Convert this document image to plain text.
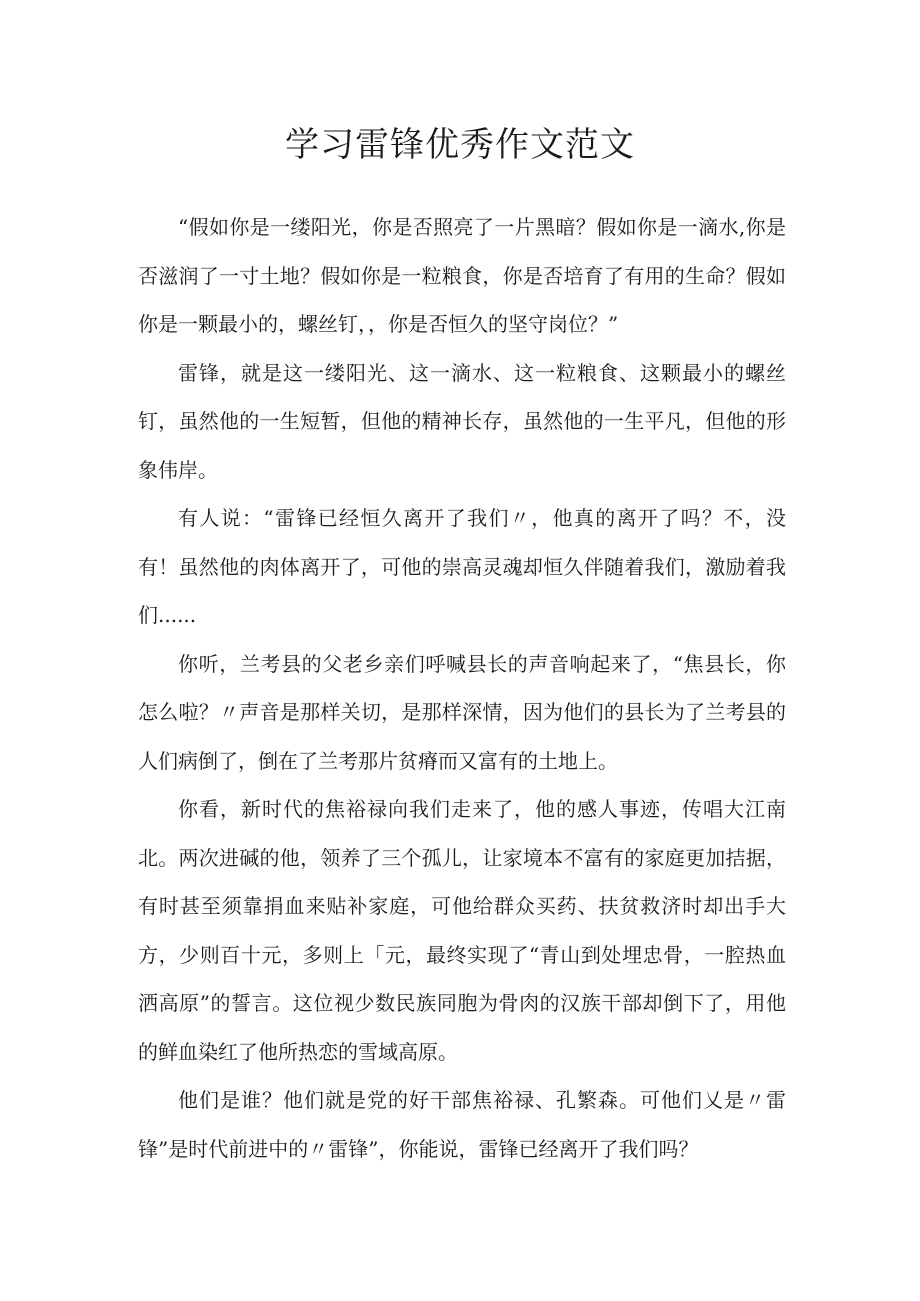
学习雷锋优秀作文范文

“假如你是一缕阳光，你是否照亮了一片黑暗？假如你是一滴水,你是否滋润了一寸土地？假如你是一粒粮食，你是否培育了有用的生命？假如你是一颗最小的，螺丝钉，，你是否恒久的坚守岗位？”

雷锋，就是这一缕阳光、这一滴水、这一粒粮食、这颗最小的螺丝钉，虽然他的一生短暂，但他的精神长存，虽然他的一生平凡，但他的形象伟岸。

有人说：“雷锋已经恒久离开了我们〃，他真的离开了吗？不，没有！虽然他的肉体离开了，可他的崇高灵魂却恒久伴随着我们，激励着我们......

你听，兰考县的父老乡亲们呼喊县长的声音响起来了，“焦县长，你怎么啦？〃声音是那样关切，是那样深情，因为他们的县长为了兰考县的人们病倒了，倒在了兰考那片贫瘠而又富有的土地上。

你看，新时代的焦裕禄向我们走来了，他的感人事迹，传唱大江南北。两次进碱的他，领养了三个孤儿，让家境本不富有的家庭更加拮据，有时甚至须靠捐血来贴补家庭，可他给群众买药、扶贫救济时却出手大方，少则百十元，多则上「元，最终实现了“青山到处埋忠骨，一腔热血洒高原”的誓言。这位视少数民族同胞为骨肉的汉族干部却倒下了，用他的鲜血染红了他所热恋的雪域高原。

他们是谁？他们就是党的好干部焦裕禄、孔繁森。可他们乂是〃雷锋”是时代前进中的〃雷锋”，你能说，雷锋已经离开了我们吗？
